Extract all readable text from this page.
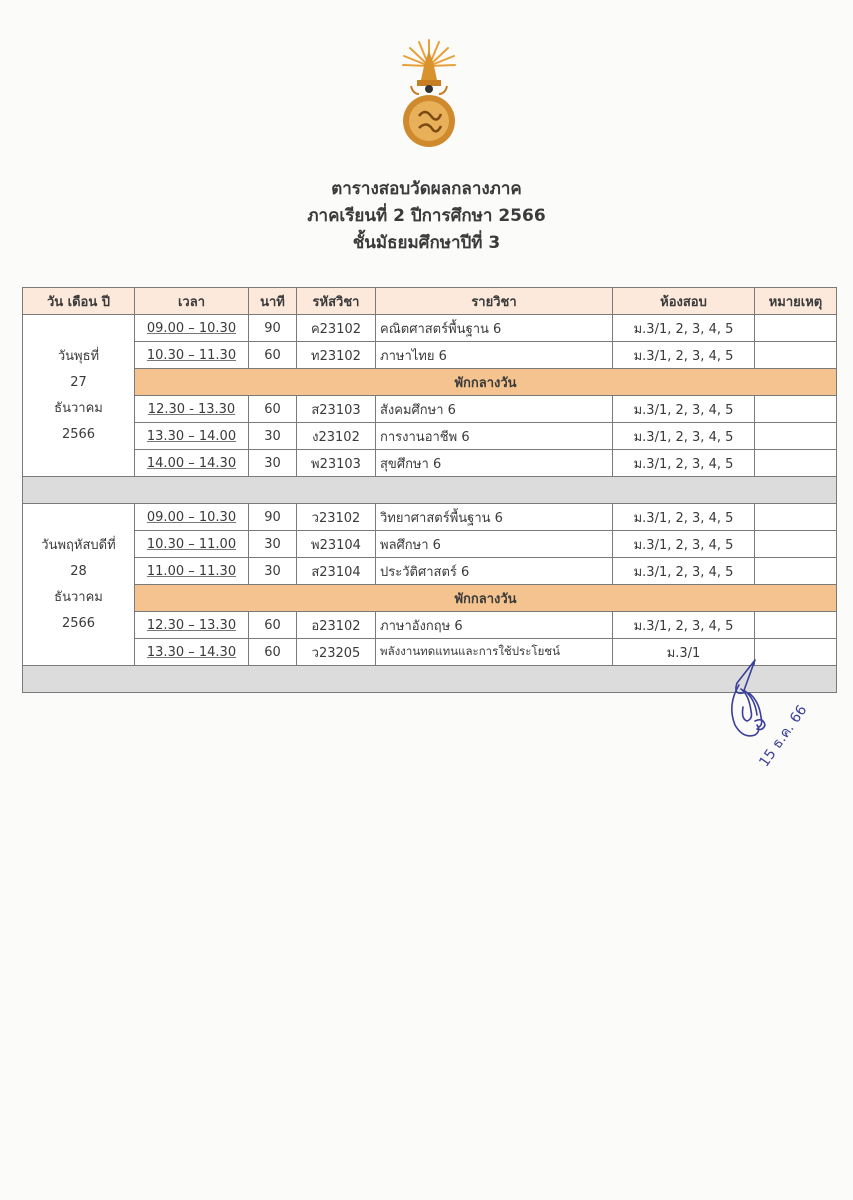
ตารางสอบวัดผลกลางภาค
ภาคเรียนที่ 2 ปีการศึกษา 2566
ชั้นมัธยมศึกษาปีที่ 3
วัน เดือน ปี	เวลา	นาที	รหัสวิชา	รายวิชา	ห้องสอบ	หมายเหตุ

วันพุธที่
27
ธันวาคม
2566	09.00 – 10.30	90	ค23102	คณิตศาสตร์พื้นฐาน 6	ม.3/1, 2, 3, 4, 5	
	10.30 – 11.30	60	ท23102	ภาษาไทย 6	ม.3/1, 2, 3, 4, 5	
	พักกลางวัน					
	12.30 - 13.30	60	ส23103	สังคมศึกษา 6	ม.3/1, 2, 3, 4, 5	
	13.30 – 14.00	30	ง23102	การงานอาชีพ 6	ม.3/1, 2, 3, 4, 5	
	14.00 – 14.30	30	พ23103	สุขศึกษา 6	ม.3/1, 2, 3, 4, 5	

วันพฤหัสบดีที่
28
ธันวาคม
2566	09.00 – 10.30	90	ว23102	วิทยาศาสตร์พื้นฐาน 6	ม.3/1, 2, 3, 4, 5	
	10.30 – 11.00	30	พ23104	พลศึกษา 6	ม.3/1, 2, 3, 4, 5	
	11.00 – 11.30	30	ส23104	ประวัติศาสตร์ 6	ม.3/1, 2, 3, 4, 5	
	พักกลางวัน					
	12.30 – 13.30	60	อ23102	ภาษาอังกฤษ 6	ม.3/1, 2, 3, 4, 5	
	13.30 – 14.30	60	ว23205	พลังงานทดแทนและการใช้ประโยชน์	ม.3/1	

15 ธ.ค. 66
